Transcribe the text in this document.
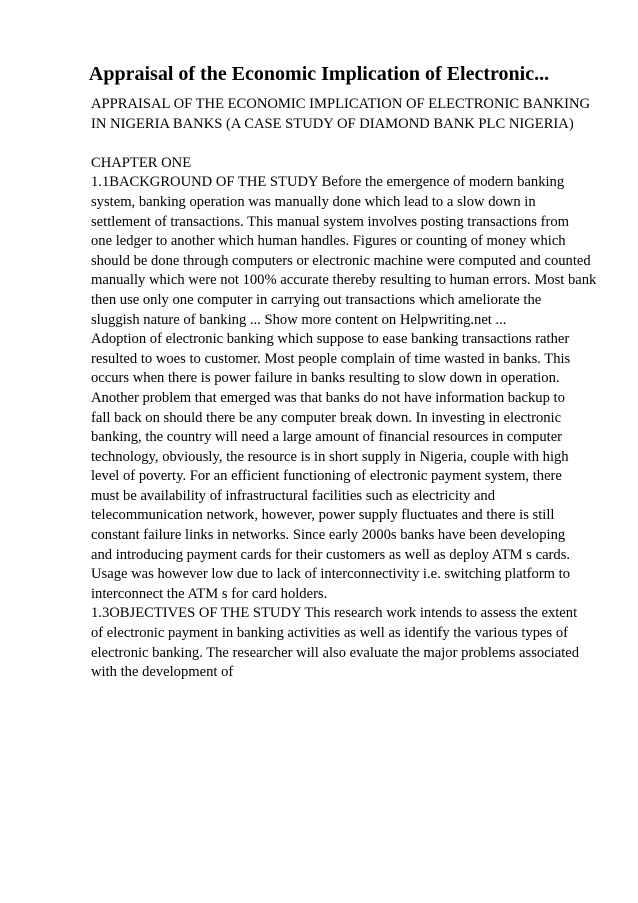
Appraisal of the Economic Implication of Electronic...
APPRAISAL OF THE ECONOMIC IMPLICATION OF ELECTRONIC BANKING
IN NIGERIA BANKS (A CASE STUDY OF DIAMOND BANK PLC NIGERIA)
CHAPTER ONE
1.1BACKGROUND OF THE STUDY Before the emergence of modern banking
system, banking operation was manually done which lead to a slow down in
settlement of transactions. This manual system involves posting transactions from
one ledger to another which human handles. Figures or counting of money which
should be done through computers or electronic machine were computed and counted
manually which were not 100% accurate thereby resulting to human errors. Most bank
then use only one computer in carrying out transactions which ameliorate the
sluggish nature of banking ... Show more content on Helpwriting.net ...
Adoption of electronic banking which suppose to ease banking transactions rather
resulted to woes to customer. Most people complain of time wasted in banks. This
occurs when there is power failure in banks resulting to slow down in operation.
Another problem that emerged was that banks do not have information backup to
fall back on should there be any computer break down. In investing in electronic
banking, the country will need a large amount of financial resources in computer
technology, obviously, the resource is in short supply in Nigeria, couple with high
level of poverty. For an efficient functioning of electronic payment system, there
must be availability of infrastructural facilities such as electricity and
telecommunication network, however, power supply fluctuates and there is still
constant failure links in networks. Since early 2000s banks have been developing
and introducing payment cards for their customers as well as deploy ATM s cards.
Usage was however low due to lack of interconnectivity i.e. switching platform to
interconnect the ATM s for card holders.
1.3OBJECTIVES OF THE STUDY This research work intends to assess the extent
of electronic payment in banking activities as well as identify the various types of
electronic banking. The researcher will also evaluate the major problems associated
with the development of
